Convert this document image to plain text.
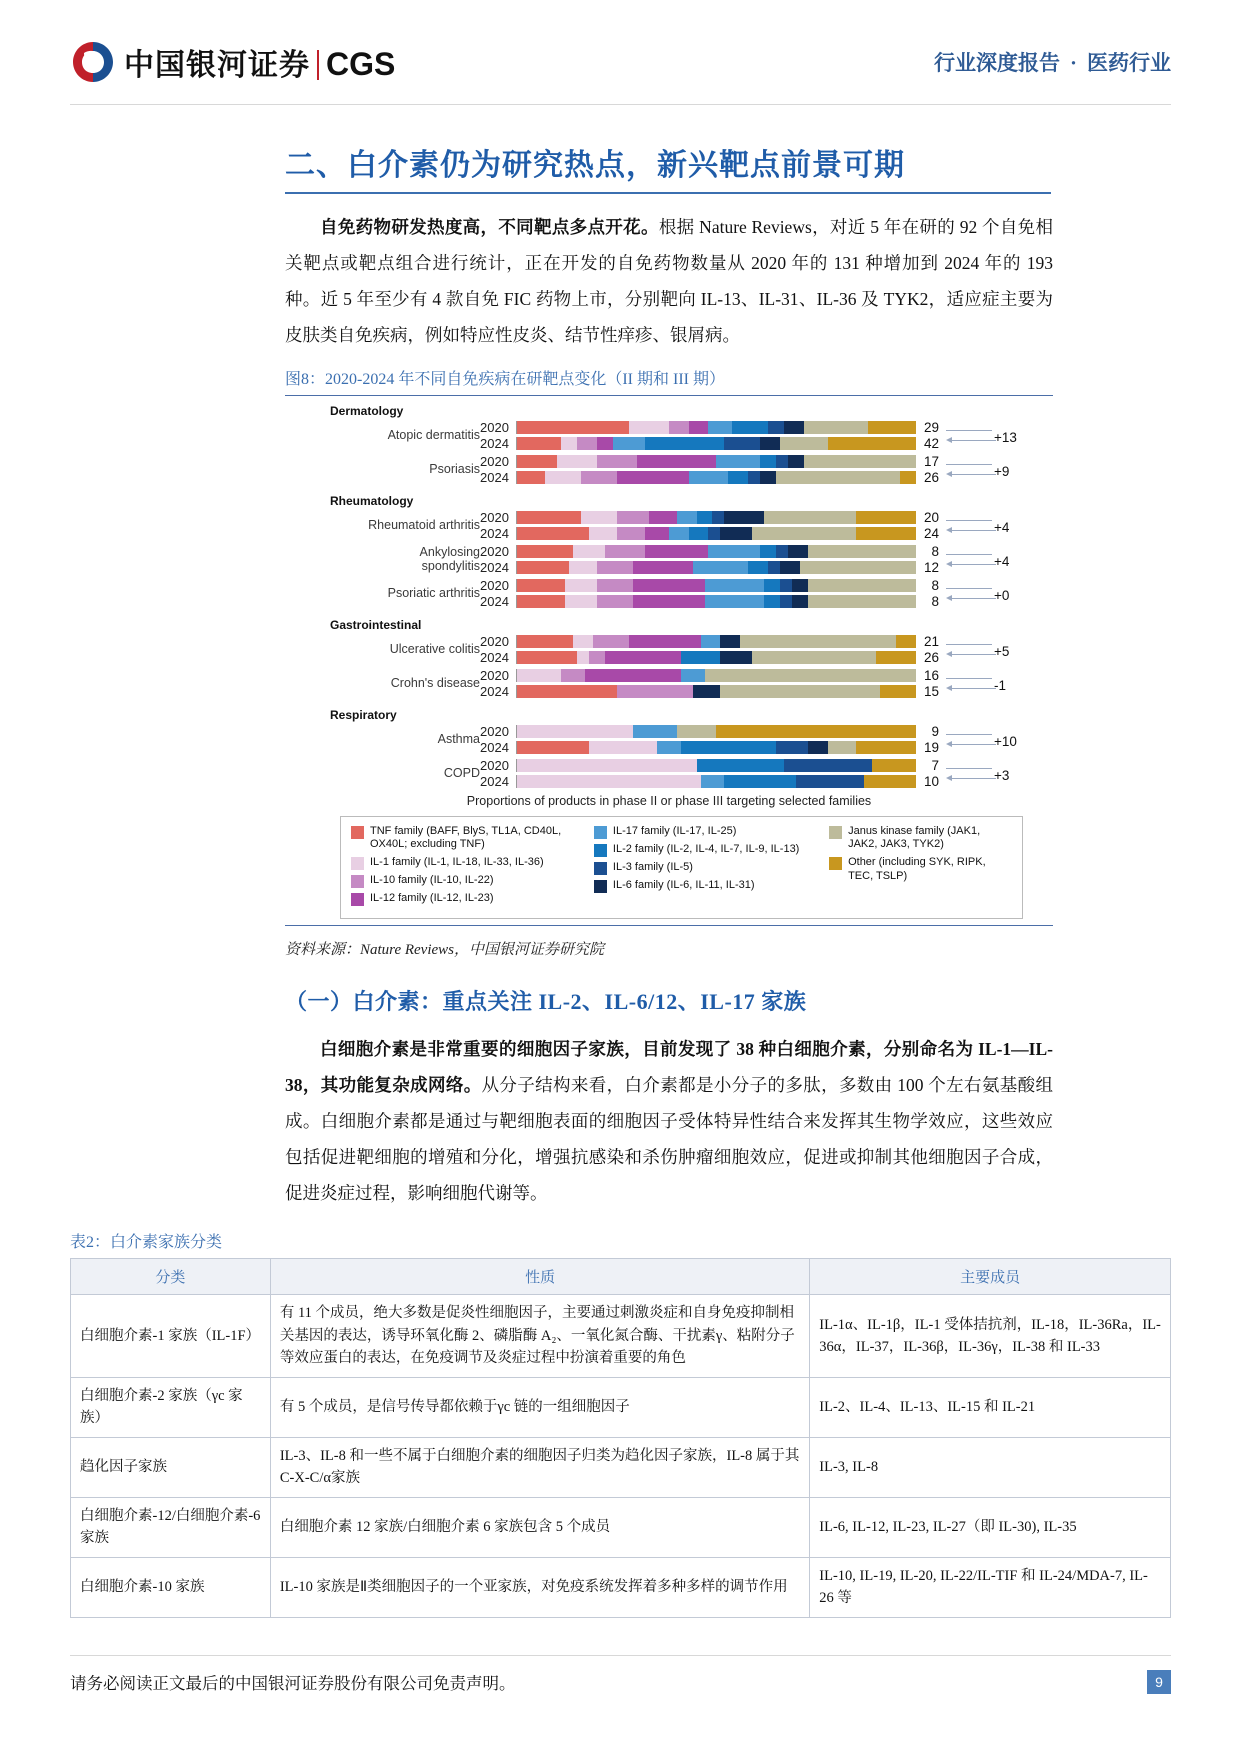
中国银河证券 CGS	行业深度报告 · 医药行业
二、白介素仍为研究热点，新兴靶点前景可期

自免药物研发热度高，不同靶点多点开花。根据 Nature Reviews，对近 5 年在研的 92 个自免相关靶点或靶点组合进行统计，正在开发的自免药物数量从 2020 年的 131 种增加到 2024 年的 193 种。近 5 年至少有 4 款自免 FIC 药物上市，分别靶向 IL-13、IL-31、IL-36 及 TYK2，适应症主要为皮肤类自免疾病，例如特应性皮炎、结节性痒疹、银屑病。

图8：2020-2024 年不同自免疾病在研靶点变化（II 期和 III 期）
Dermatology
Atopic dermatitis 2020	29
2024	42	+13
Psoriasis 2020	17
2024	26	+9
Rheumatology
Rheumatoid arthritis 2020	20
2024	24	+4
Ankylosing
spondylitis
2020	8
2024	12	+4
Psoriatic arthritis 2020	8
2024	8	+0
Gastrointestinal
Ulcerative colitis 2020	21
2024	26	+5
Crohn's disease 2020	16
2024	15	-1
Respiratory
Asthma 2020	9
2024	19	+10
COPD 2020	7
2024	10	+3
Proportions of products in phase II or phase III targeting selected families
TNF family (BAFF, BlyS, TL1A, CD40L, OX40L; excluding TNF)
IL-1 family (IL-1, IL-18, IL-33, IL-36)
IL-10 family (IL-10, IL-22)
IL-12 family (IL-12, IL-23)
IL-17 family (IL-17, IL-25)
IL-2 family (IL-2, IL-4, IL-7, IL-9, IL-13)
IL-3 family (IL-5)
IL-6 family (IL-6, IL-11, IL-31)
Janus kinase family (JAK1, JAK2, JAK3, TYK2)
Other (including SYK, RIPK, TEC, TSLP)
资料来源：Nature Reviews，中国银河证券研究院
（一）白介素：重点关注 IL-2、IL-6/12、IL-17 家族

白细胞介素是非常重要的细胞因子家族，目前发现了 38 种白细胞介素，分别命名为 IL-1—IL-38，其功能复杂成网络。从分子结构来看，白介素都是小分子的多肽，多数由 100 个左右氨基酸组成。白细胞介素都是通过与靶细胞表面的细胞因子受体特异性结合来发挥其生物学效应，这些效应包括促进靶细胞的增殖和分化，增强抗感染和杀伤肿瘤细胞效应，促进或抑制其他细胞因子合成，促进炎症过程，影响细胞代谢等。

表2：白介素家族分类
分类	性质	主要成员
白细胞介素-1 家族（IL-1F）	有 11 个成员，绝大多数是促炎性细胞因子，主要通过刺激炎症和自身免疫抑制相关基因的表达，诱导环氧化酶 2、磷脂酶 A₂、一氧化氮合酶、干扰素γ、粘附分子等效应蛋白的表达，在免疫调节及炎症过程中扮演着重要的角色	IL-1α、IL-1β，IL-1 受体拮抗剂，IL-18，IL-36Ra，IL-36α，IL-37，IL-36β，IL-36γ，IL-38 和 IL-33
白细胞介素-2 家族（γc 家族）	有 5 个成员，是信号传导都依赖于γc 链的一组细胞因子	IL-2、IL-4、IL-13、IL-15 和 IL-21
趋化因子家族	IL-3、IL-8 和一些不属于白细胞介素的细胞因子归类为趋化因子家族，IL-8 属于其 C-X-C/α家族	IL-3, IL-8
白细胞介素-12/白细胞介素-6 家族	白细胞介素 12 家族/白细胞介素 6 家族包含 5 个成员	IL-6, IL-12, IL-23, IL-27（即 IL-30), IL-35
白细胞介素-10 家族	IL-10 家族是Ⅱ类细胞因子的一个亚家族，对免疫系统发挥着多种多样的调节作用	IL-10, IL-19, IL-20, IL-22/IL-TIF 和 IL-24/MDA-7, IL-26 等
请务必阅读正文最后的中国银河证券股份有限公司免责声明。	9
